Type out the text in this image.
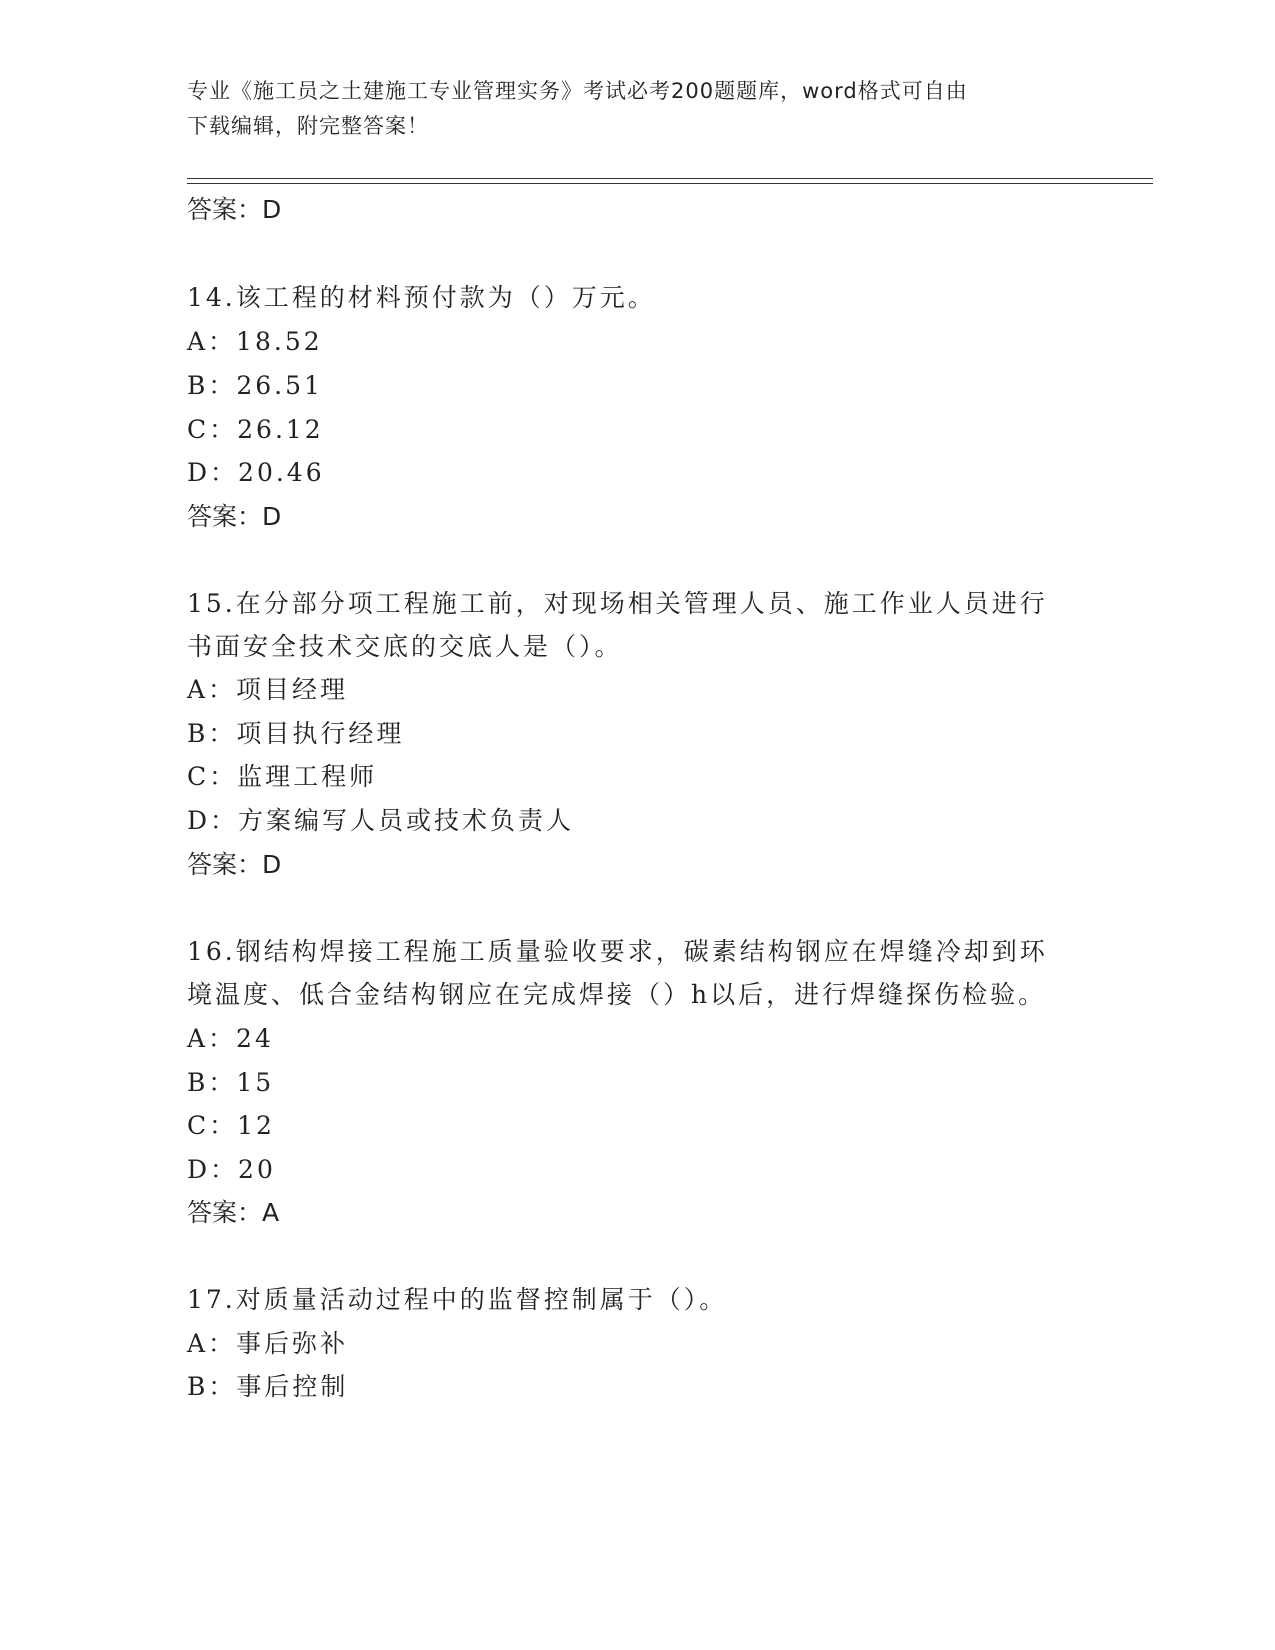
专业《施工员之土建施工专业管理实务》考试必考200题题库，word格式可自由
下载编辑，附完整答案！
答案：D
14.该工程的材料预付款为（）万元。
A：18.52
B：26.51
C：26.12
D：20.46
答案：D
15.在分部分项工程施工前，对现场相关管理人员、施工作业人员进行
书面安全技术交底的交底人是（）。
A：项目经理
B：项目执行经理
C：监理工程师
D：方案编写人员或技术负责人
答案：D
16.钢结构焊接工程施工质量验收要求，碳素结构钢应在焊缝冷却到环
境温度、低合金结构钢应在完成焊接（）h以后，进行焊缝探伤检验。
A：24
B：15
C：12
D：20
答案：A
17.对质量活动过程中的监督控制属于（）。
A：事后弥补
B：事后控制
